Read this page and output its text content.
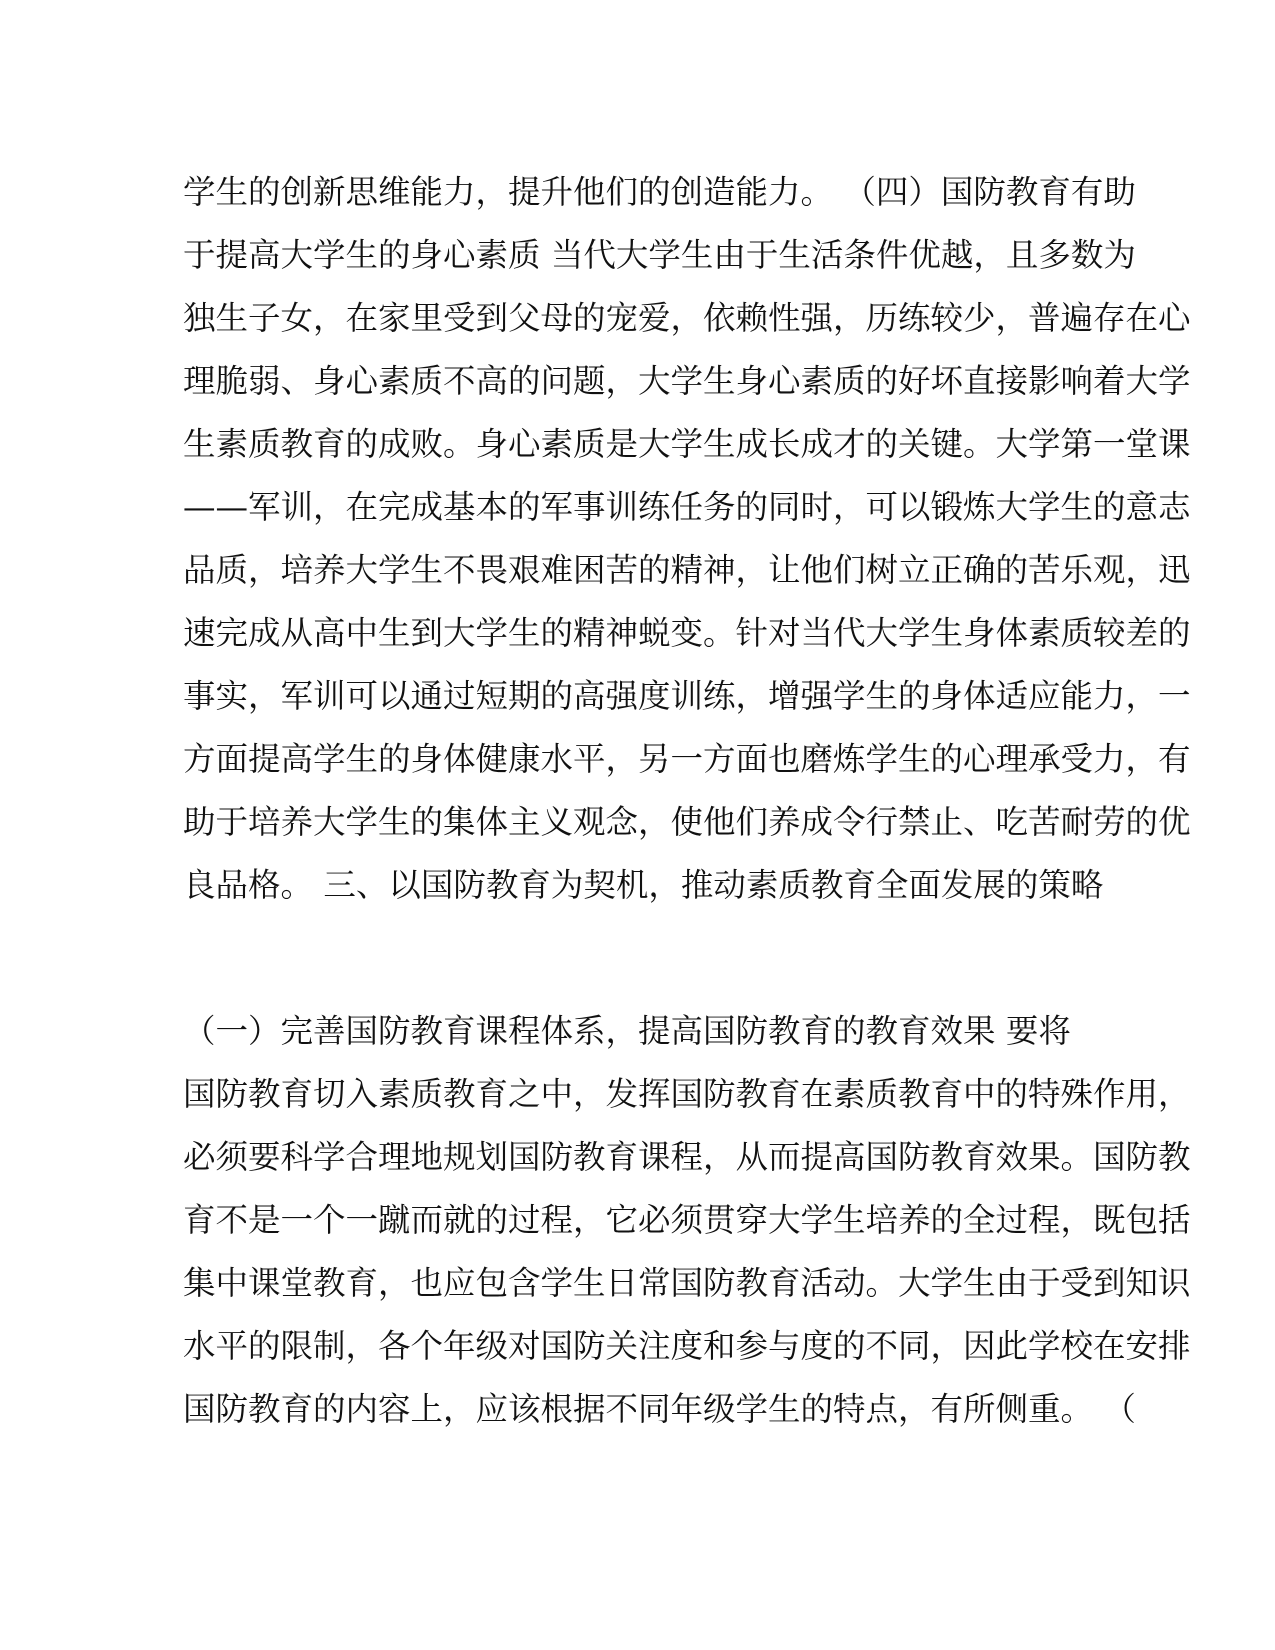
学生的创新思维能力，提升他们的创造能力。 （四）国防教育有助
于提高大学生的身心素质 当代大学生由于生活条件优越，且多数为
独生子女，在家里受到父母的宠爱，依赖性强，历练较少，普遍存在心
理脆弱、身心素质不高的问题，大学生身心素质的好坏直接影响着大学
生素质教育的成败。身心素质是大学生成长成才的关键。大学第一堂课
——军训，在完成基本的军事训练任务的同时，可以锻炼大学生的意志
品质，培养大学生不畏艰难困苦的精神，让他们树立正确的苦乐观，迅
速完成从高中生到大学生的精神蜕变。针对当代大学生身体素质较差的
事实，军训可以通过短期的高强度训练，增强学生的身体适应能力，一
方面提高学生的身体健康水平，另一方面也磨炼学生的心理承受力，有
助于培养大学生的集体主义观念，使他们养成令行禁止、吃苦耐劳的优
良品格。 三、以国防教育为契机，推动素质教育全面发展的策略
（一）完善国防教育课程体系，提高国防教育的教育效果 要将
国防教育切入素质教育之中，发挥国防教育在素质教育中的特殊作用，
必须要科学合理地规划国防教育课程，从而提高国防教育效果。国防教
育不是一个一蹴而就的过程，它必须贯穿大学生培养的全过程，既包括
集中课堂教育，也应包含学生日常国防教育活动。大学生由于受到知识
水平的限制，各个年级对国防关注度和参与度的不同，因此学校在安排
国防教育的内容上，应该根据不同年级学生的特点，有所侧重。 （
